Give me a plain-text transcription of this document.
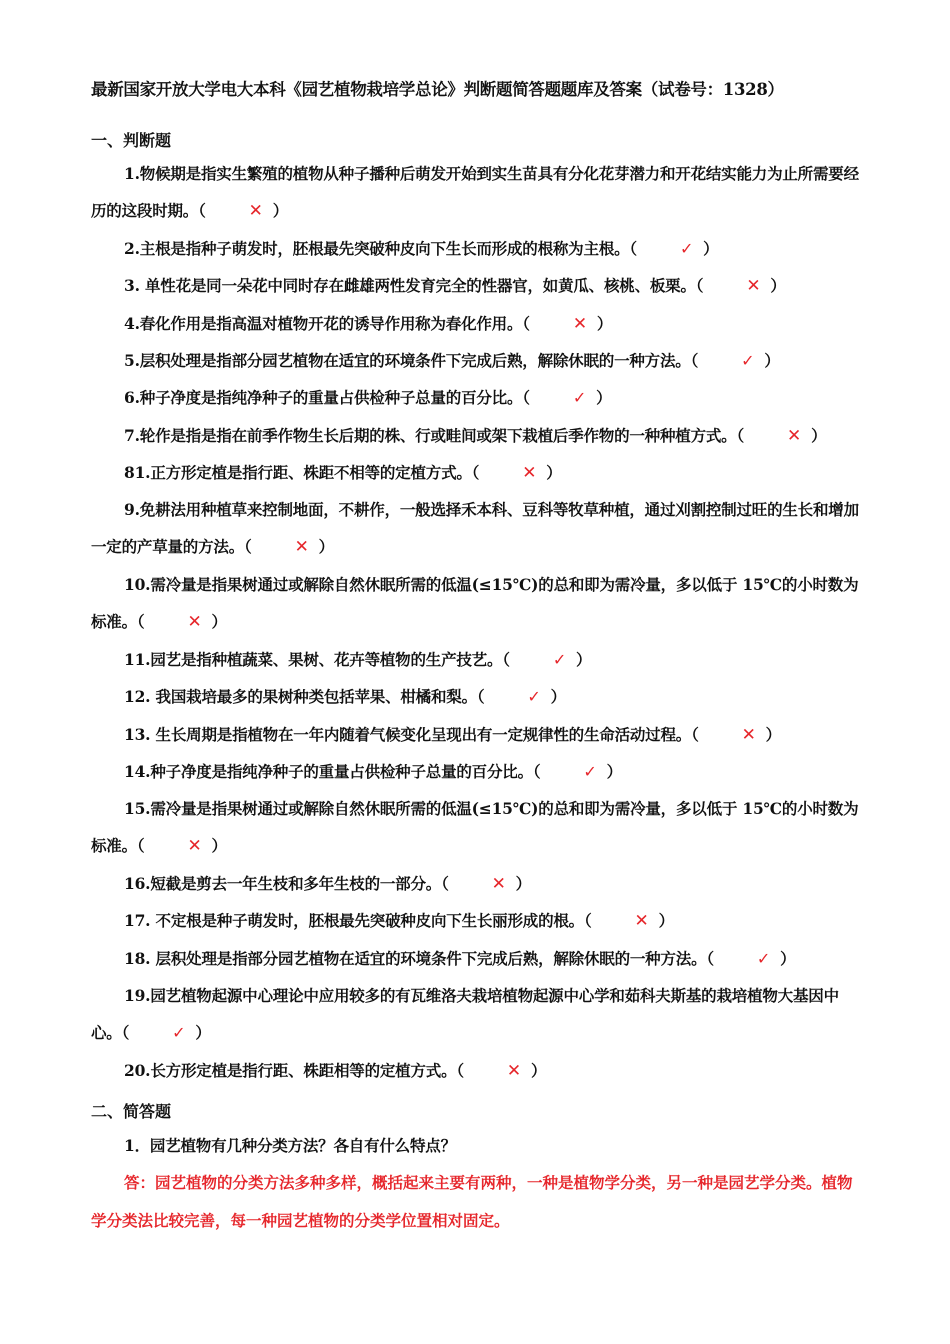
最新国家开放大学电大本科《园艺植物栽培学总论》判断题简答题题库及答案（试卷号：1328）
一、判断题
1.物候期是指实生繁殖的植物从种子播种后萌发开始到实生苗具有分化花芽潜力和开花结实能力为止所需要经历的这段时期。（	✕ ）
2.主根是指种子萌发时，胚根最先突破种皮向下生长而形成的根称为主根。（	✓ ）
3. 单性花是同一朵花中同时存在雌雄两性发育完全的性器官，如黄瓜、核桃、板栗。（	✕ ）
4.春化作用是指高温对植物开花的诱导作用称为春化作用。（	✕ ）
5.层积处理是指部分园艺植物在适宜的环境条件下完成后熟，解除休眠的一种方法。（	✓ ）
6.种子净度是指纯净种子的重量占供检种子总量的百分比。（	✓ ）
7.轮作是指是指在前季作物生长后期的株、行或畦间或架下栽植后季作物的一种种植方式。（	✕ ）
81.正方形定植是指行距、株距不相等的定植方式。（	✕ ）
9.免耕法用种植草来控制地面，不耕作，一般选择禾本科、豆科等牧草种植，通过刈割控制过旺的生长和增加一定的产草量的方法。（	✕ ）
10.需冷量是指果树通过或解除自然休眠所需的低温(≤15℃)的总和即为需冷量，多以低于 15℃的小时数为标准。（	✕ ）
11.园艺是指种植蔬菜、果树、花卉等植物的生产技艺。（	✓ ）
12. 我国栽培最多的果树种类包括苹果、柑橘和梨。（	✓ ）
13. 生长周期是指植物在一年内随着气候变化呈现出有一定规律性的生命活动过程。（	✕ ）
14.种子净度是指纯净种子的重量占供检种子总量的百分比。（	✓ ）
15.需冷量是指果树通过或解除自然休眠所需的低温(≤15℃)的总和即为需冷量，多以低于 15℃的小时数为标准。（	✕ ）
16.短截是剪去一年生枝和多年生枝的一部分。（	✕ ）
17. 不定根是种子萌发时，胚根最先突破种皮向下生长丽形成的根。（	✕ ）
18. 层积处理是指部分园艺植物在适宜的环境条件下完成后熟，解除休眠的一种方法。（	✓ ）
19.园艺植物起源中心理论中应用较多的有瓦维洛夫栽培植物起源中心学和茹科夫斯基的栽培植物大基因中心。（	✓ ）
20.长方形定植是指行距、株距相等的定植方式。（	✕ ）
二、简答题
1．园艺植物有几种分类方法？各自有什么特点？
答：园艺植物的分类方法多种多样，概括起来主要有两种，一种是植物学分类，另一种是园艺学分类。植物学分类法比较完善，每一种园艺植物的分类学位置相对固定。
